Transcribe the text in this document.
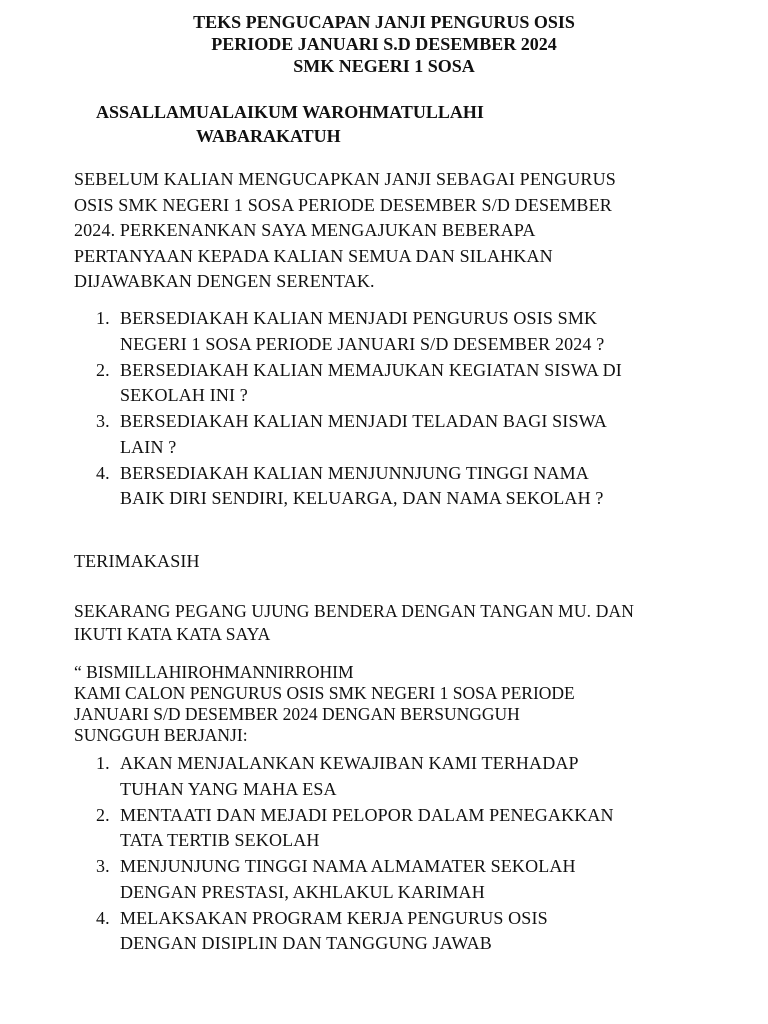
TEKS PENGUCAPAN JANJI PENGURUS OSIS
PERIODE JANUARI S.D DESEMBER 2024
SMK NEGERI 1 SOSA
ASSALLAMUALAIKUM WAROHMATULLAHI
WABARAKATUH
SEBELUM KALIAN MENGUCAPKAN JANJI SEBAGAI PENGURUS
OSIS SMK NEGERI 1 SOSA PERIODE DESEMBER S/D DESEMBER
2024. PERKENANKAN SAYA MENGAJUKAN BEBERAPA
PERTANYAAN KEPADA KALIAN SEMUA DAN SILAHKAN
DIJAWABKAN DENGEN SERENTAK.
1. BERSEDIAKAH KALIAN MENJADI PENGURUS OSIS SMK
NEGERI 1 SOSA PERIODE JANUARI S/D DESEMBER 2024 ?
2. BERSEDIAKAH KALIAN MEMAJUKAN KEGIATAN SISWA DI
SEKOLAH INI ?
3. BERSEDIAKAH KALIAN MENJADI TELADAN BAGI SISWA
LAIN ?
4. BERSEDIAKAH KALIAN MENJUNNJUNG TINGGI NAMA
BAIK DIRI SENDIRI, KELUARGA, DAN NAMA SEKOLAH ?
TERIMAKASIH
SEKARANG PEGANG UJUNG BENDERA DENGAN TANGAN MU. DAN
IKUTI KATA KATA SAYA
“ BISMILLAHIROHMANNIRROHIM
KAMI CALON PENGURUS OSIS SMK NEGERI 1 SOSA PERIODE
JANUARI S/D DESEMBER 2024 DENGAN BERSUNGGUH
SUNGGUH BERJANJI:
1. AKAN MENJALANKAN KEWAJIBAN KAMI TERHADAP
TUHAN YANG MAHA ESA
2. MENTAATI DAN MEJADI PELOPOR DALAM PENEGAKKAN
TATA TERTIB SEKOLAH
3. MENJUNJUNG TINGGI NAMA ALMAMATER SEKOLAH
DENGAN PRESTASI, AKHLAKUL KARIMAH
4. MELAKSAKAN PROGRAM KERJA PENGURUS OSIS
DENGAN DISIPLIN DAN TANGGUNG JAWAB
